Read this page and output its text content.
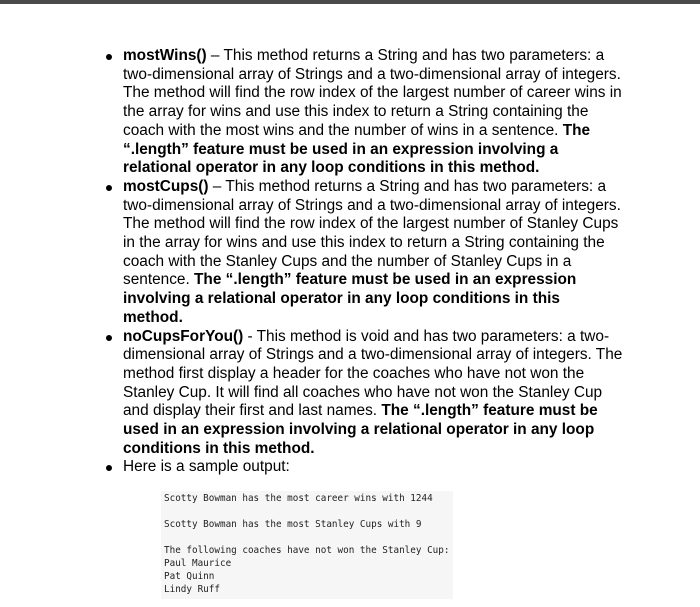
mostWins() – This method returns a String and has two parameters: a two-dimensional array of Strings and a two-dimensional array of integers. The method will find the row index of the largest number of career wins in the array for wins and use this index to return a String containing the coach with the most wins and the number of wins in a sentence. The “.length” feature must be used in an expression involving a relational operator in any loop conditions in this method.
mostCups() – This method returns a String and has two parameters: a two-dimensional array of Strings and a two-dimensional array of integers. The method will find the row index of the largest number of Stanley Cups in the array for wins and use this index to return a String containing the coach with the Stanley Cups and the number of Stanley Cups in a sentence. The “.length” feature must be used in an expression involving a relational operator in any loop conditions in this method.
noCupsForYou() - This method is void and has two parameters: a two-dimensional array of Strings and a two-dimensional array of integers. The method first display a header for the coaches who have not won the Stanley Cup. It will find all coaches who have not won the Stanley Cup and display their first and last names. The “.length” feature must be used in an expression involving a relational operator in any loop conditions in this method.
Here is a sample output:
Scotty Bowman has the most career wins with 1244
Scotty Bowman has the most Stanley Cups with 9
The following coaches have not won the Stanley Cup:
Paul Maurice
Pat Quinn
Lindy Ruff
